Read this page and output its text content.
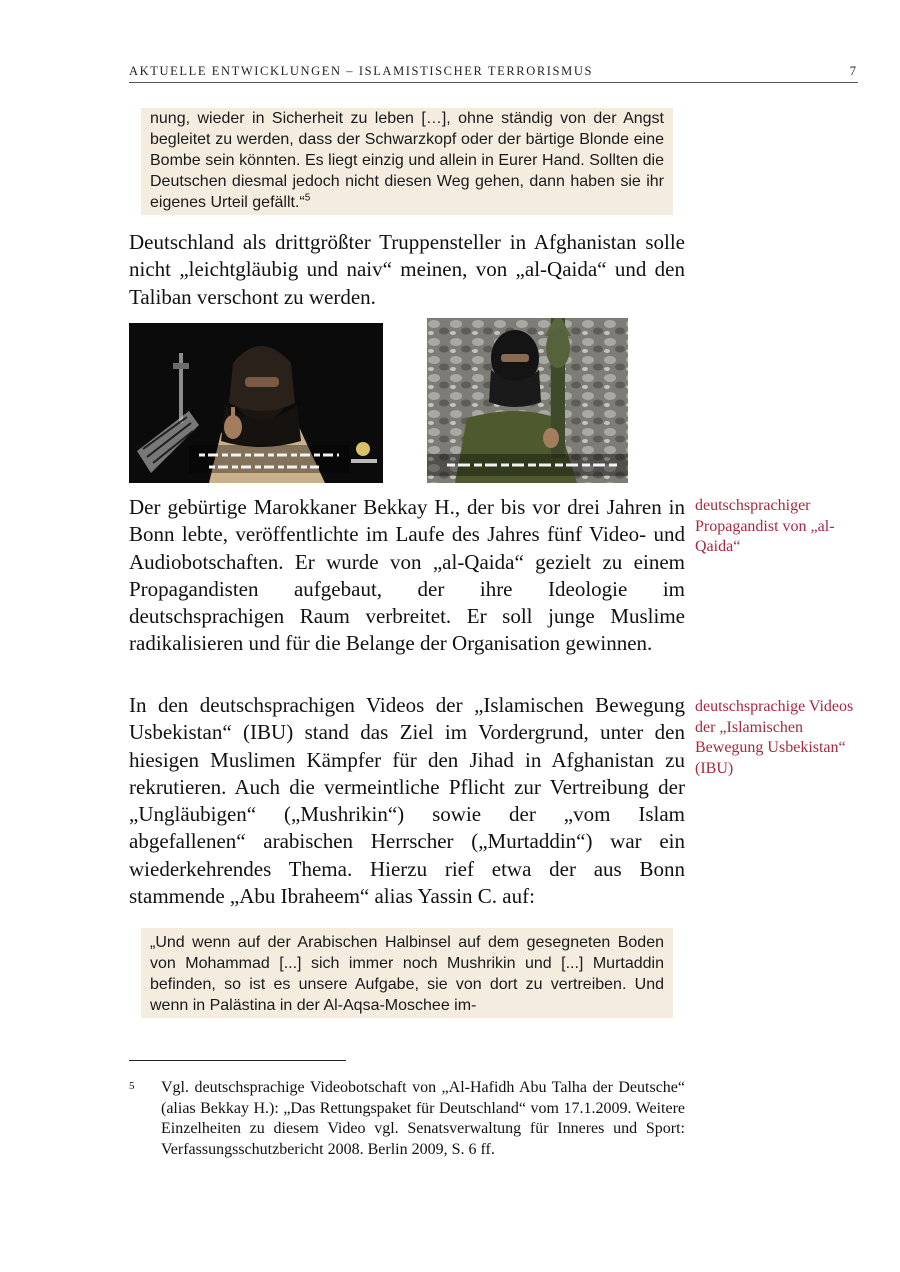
AKTUELLE ENTWICKLUNGEN – ISLAMISTISCHER TERRORISMUS	7
nung, wieder in Sicherheit zu leben […], ohne ständig von der Angst begleitet zu werden, dass der Schwarzkopf oder der bärtige Blonde eine Bombe sein könnten. Es liegt einzig und allein in Eurer Hand. Sollten die Deutschen diesmal jedoch nicht diesen Weg gehen, dann haben sie ihr eigenes Urteil gefällt.“$^5$
Deutschland als drittgrößter Truppensteller in Afghanistan solle nicht „leichtgläubig und naiv“ meinen, von „al-Qaida“ und den Taliban verschont zu werden.
Der gebürtige Marokkaner Bekkay H., der bis vor drei Jahren in Bonn lebte, veröffentlichte im Laufe des Jahres fünf Video- und Audiobotschaften. Er wurde von „al-Qaida“ gezielt zu einem Propagandisten aufgebaut, der ihre Ideologie im deutschsprachigen Raum verbreitet. Er soll junge Muslime radikalisieren und für die Belange der Organisation gewinnen.
deutschsprachiger Propagandist von „al-Qaida“
In den deutschsprachigen Videos der „Islamischen Bewegung Usbekistan“ (IBU) stand das Ziel im Vordergrund, unter den hiesigen Muslimen Kämpfer für den Jihad in Afghanistan zu rekrutieren. Auch die vermeintliche Pflicht zur Vertreibung der „Ungläubigen“ („Mushrikin“) sowie der „vom Islam abgefallenen“ arabischen Herrscher („Murtaddin“) war ein wiederkehrendes Thema. Hierzu rief etwa der aus Bonn stammende „Abu Ibraheem“ alias Yassin C. auf:
deutschsprachige Videos der „Islamischen Bewegung Usbekistan“ (IBU)
„Und wenn auf der Arabischen Halbinsel auf dem gesegneten Boden von Mohammad [...] sich immer noch Mushrikin und [...] Murtaddin befinden, so ist es unsere Aufgabe, sie von dort zu vertreiben. Und wenn in Palästina in der Al-Aqsa-Moschee im-
5 Vgl. deutschsprachige Videobotschaft von „Al-Hafidh Abu Talha der Deutsche“ (alias Bekkay H.): „Das Rettungspaket für Deutschland“ vom 17.1.2009. Weitere Einzelheiten zu diesem Video vgl. Senatsverwaltung für Inneres und Sport: Verfassungsschutzbericht 2008. Berlin 2009, S. 6 ff.
